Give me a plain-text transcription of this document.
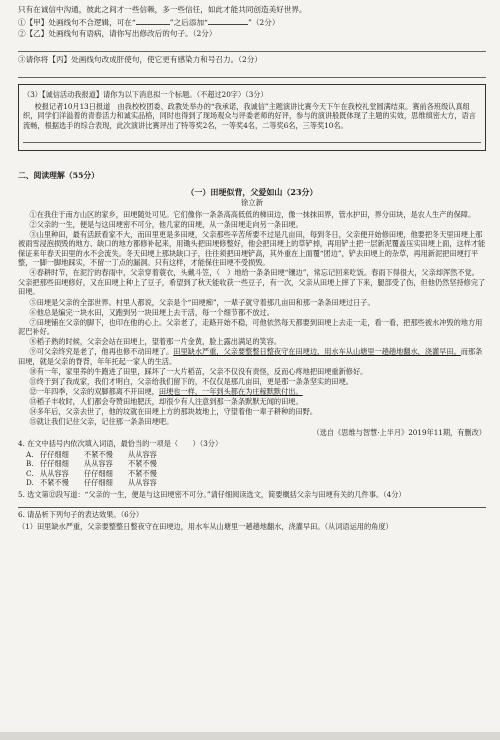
只有在诚信中沟通，彼此之间才一些信赖，多一些信任，如此才能共同创造美好世界。
①【甲】处画线句不合逻辑，可在“	”之后添加“	”（2分）
②【乙】处画线句有语病，请你写出修改后的句子。（2分）
③请你将【丙】处画线句改成肝使句，使它更有感染力和号召力。（2分）
（3）【诚信活动我报道】请你为以下消息拟一个标题。（不超过20字）（3分）

校报记者10月13日报道　由我校校团委、政教处举办的“我承诺，我诚信”主题演讲比赛今天下午在我校礼堂圆满结束。赛前各班级认真组织，同学们洋溢着的青春活力和诚实品格，同时也得到了现场观众与评委老师的好评，参与的演讲般既体现了主题的实效，思维缜密大方，语言流畅，根据选手的综合表现，此次演讲比赛评出了特等奖2名，一等奖4名，二等奖6名，三等奖10名。

二、阅读理解（55分）
（一）田埂似背，父爱如山（23分）
徐立新

①在我住于南方山区的家乡，田埂随处可见。它们像你一条条高高低低的梯田边，像一抹抹田界，管水护田，界分田块，是农人生产的保障。

②父亲的一生，便是与这田埂密不可分，他几家的田埂，从一条田埂走向另一条田埂。

③山里种田，最有活跃看家不大，而田里更是多田埂，父亲那些辛苦所要不过是几亩田，每到冬日，父亲便开始修田埂，他要把冬天里田埂上那被雨雪浸泡损毁的地方、缺口的地方都修补起来，用锄头把田埂修整好，他会把田埂上的草铲掉，再用铲土把一层新泥覆盖压实田埂上面，这样才能保证来年春天田里的水不会流失。冬天田埂上那块缺口子，往往须把田埂铲高，其外重在上面覆“团边”，铲去田埂上的杂草，再用新泥把田埂打平整，一脚一脚地踩实，不留一丁点的漏洞。只有这样，才能保住田埂不受损毁。

④春耕时节，在泥泞的春雨中，父亲穿着蓑衣，头戴斗笠，（　）地给一条条田埂“镶边”，常忘记回来吃饭。春雨下得很大，父亲却浑然不觉。父亲把那些田埂修好，又在田埂上种上了豆子，希望到了秋天能收获一些豆子，有一次，父亲从田埂上摔了下来，腿部受了伤，但他仍然坚持修完了田埂。

⑤田埂是父亲的全部世界。村里人都说，父亲是个“田埂痴”，一辈子就守着那几亩田和那一条条田埂过日子。

⑥他总是编完一块水田，又跑到另一块田埂上去干活，每一个细节都不放过。

⑦田埂铺在父亲的脚下，也印在他的心上。父亲老了，走路开始不稳，可他依然每天都要到田埂上去走一走，看一看，把那些被水冲毁的地方用泥巴补好。

⑧稻子熟的时候，父亲会站在田埂上，望着那一片金黄，脸上露出满足的笑容。

⑨可父亲终究是老了，他再也修不动田埂了。田里缺水严重，父亲要整整日整夜守在田埂边，用水车从山塘里一趟趟地翻水，浇灌早田。而那条田埂，就是父亲的脊背，年年托起一家人的生活。

⑩有一年，家里养的牛跑进了田里，踩坏了一大片稻苗，父亲不仅没有责怪，反而心疼地把田埂重新修好。

⑪终于到了我成家，我们才明白，父亲给我们留下的，不仅仅是那几亩田，更是那一条条坚实的田埂。

⑫一年四季，父亲的双脚都离不开田埂，田埂也一样，一年到头都在为庄稼默默付出。

⑬稻子丰收时，人们都会夸赞田地肥沃，却很少有人注意到那一条条默默无闻的田埂。

⑭多年后，父亲去世了，他的坟就在田埂上方的那块坡地上，守望着他一辈子耕种的田野。

⑮就让我们记住父亲，记住那一条条田埂吧。

（选自《思维与智慧·上半月》2019年11期，有删改）
4. 在文中括号内依次填入词语，最恰当的一项是（　　）（3分）
A. 仔仔细细 不紧不慢 从从容容
B. 仔仔细细 从从容容 不紧不慢
C. 从从容容 仔仔细细 不紧不慢
D. 不紧不慢 仔仔细细 从从容容
5. 选文第⑫段写道：“父亲的一生，便是与这田埂密不可分。”请仔细阅读选文，简要概括父亲与田埂有关的几件事。（4分）
6. 请品析下列句子的表达效果。（6分）
（1）田里缺水严重，父亲要整整日整夜守在田埂边，用水车从山塘里一趟趟地翻水，浇灌早田。（从词语运用的角度）
